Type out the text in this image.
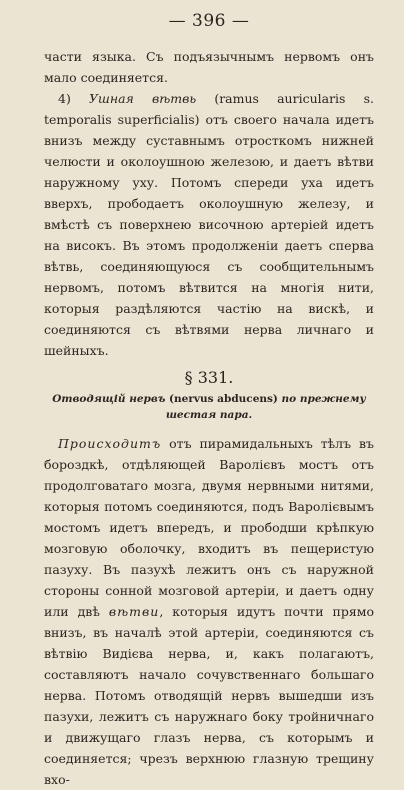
— 396 —

части языка. Съ подъязычнымъ нервомъ онъ мало соединяется.

4) Ушная вѣтвь (ramus auricularis s. temporalis superficialis) отъ своего начала идетъ внизъ между суставнымъ отросткомъ нижней челюсти и околоушною железою, и даетъ вѣтви наружному уху. Потомъ спереди уха идетъ вверхъ, прободаетъ околоушную железу, и вмѣстѣ съ поверхнею височною артеріей идетъ на високъ. Въ этомъ продолженіи даетъ сперва вѣтвь, соединяющуюся съ сообщительнымъ нервомъ, потомъ вѣтвится на многія нити, которыя раздѣляются частію на вискѣ, и соединяются съ вѣтвями нерва личнаго и шейныхъ.

§ 331.
Отводящій нервъ (nervus abducens) по прежнему шестая пара.

Происходитъ отъ пирамидальныхъ тѣлъ въ бороздкѣ, отдѣляющей Варолієвъ мостъ отъ продолговатаго мозга, двумя нервными нитями, которыя потомъ соединяются, подъ Варолієвымъ мостомъ идетъ впередъ, и прободши крѣпкую мозговую оболочку, входитъ въ пещеристую пазуху. Въ пазухѣ лежитъ онъ съ наружной стороны сонной мозговой артеріи, и даетъ одну или двѣ вѣтви, которыя идутъ почти прямо внизъ, въ началѣ этой артеріи, соединяются съ вѣтвію Видієва нерва, и, какъ полагаютъ, составляютъ начало сочувственнаго большаго нерва. Потомъ отводящій нервъ вышедши изъ пазухи, лежитъ съ наружнаго боку тройничнаго и движущаго глазъ нерва, съ которымъ и соединяется; чрезъ верхнюю глазную трещину вхо-
